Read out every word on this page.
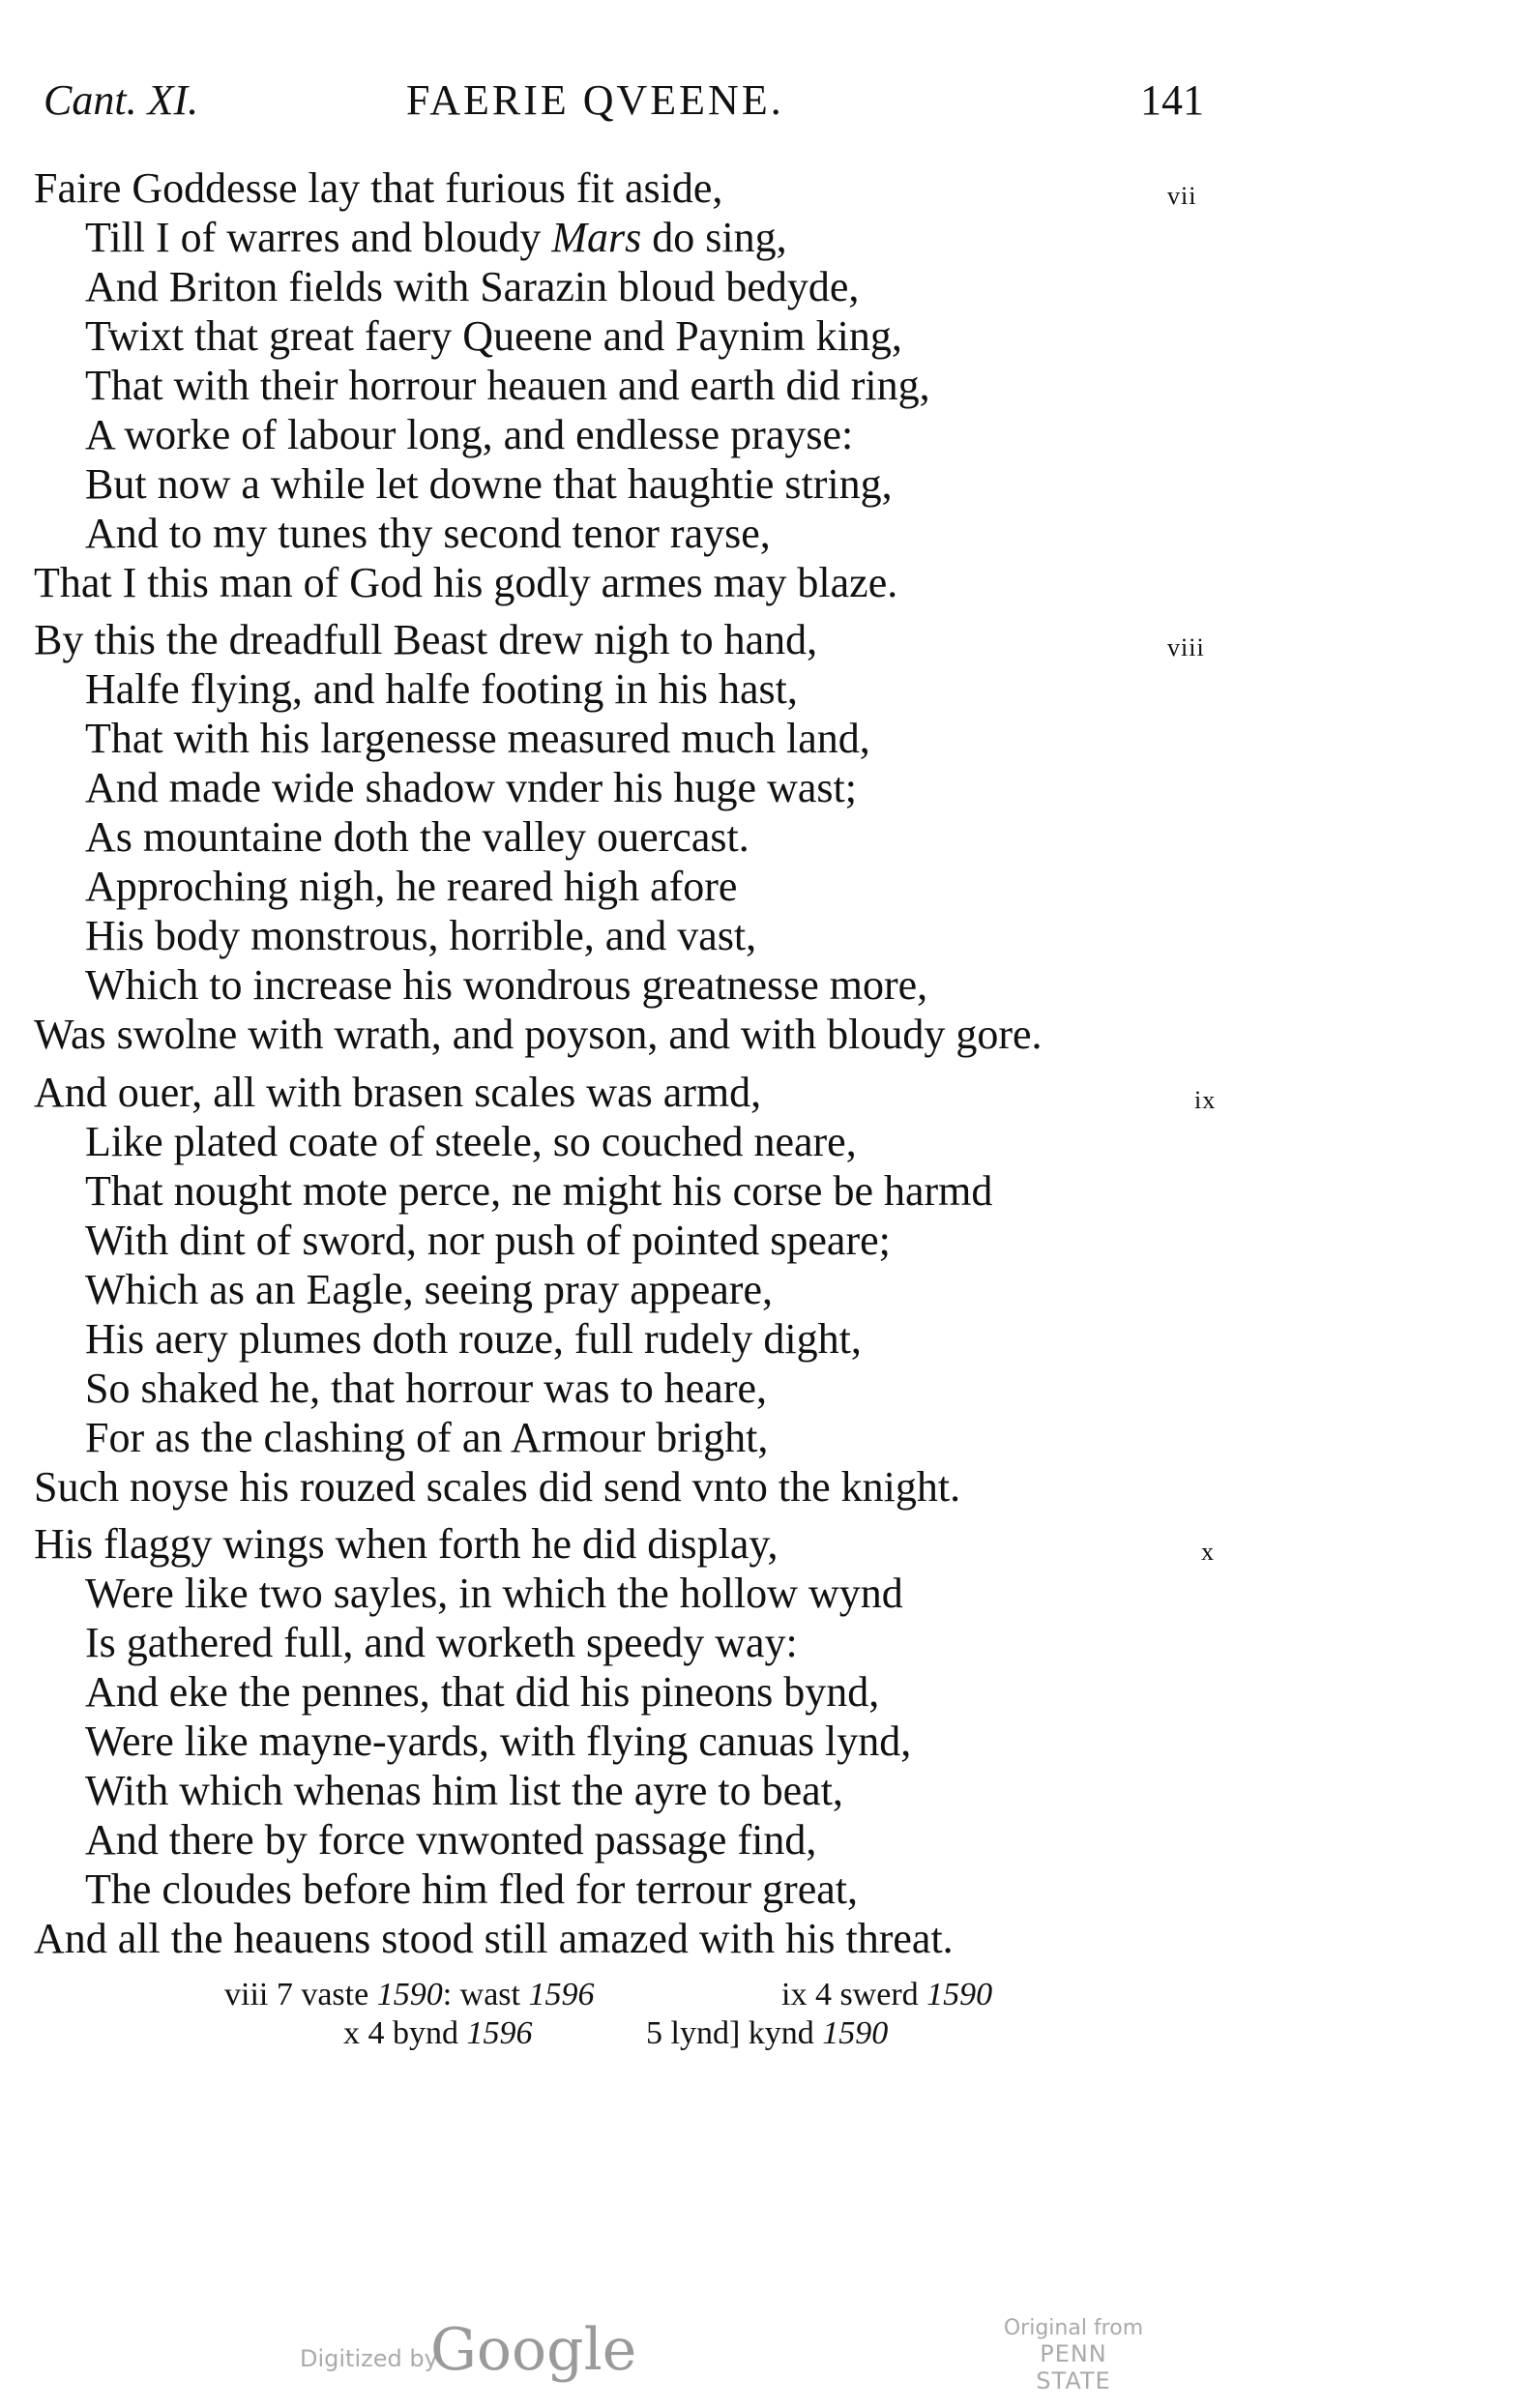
Cant. XI.	FAERIE QVEENE.	141
Faire Goddesse lay that furious fit aside,	vii
Till I of warres and bloudy Mars do sing,
And Briton fields with Sarazin bloud bedyde,
Twixt that great faery Queene and Paynim king,
That with their horrour heauen and earth did ring,
A worke of labour long, and endlesse prayse:
But now a while let downe that haughtie string,
And to my tunes thy second tenor rayse,
That I this man of God his godly armes may blaze.
By this the dreadfull Beast drew nigh to hand,	viii
Halfe flying, and halfe footing in his hast,
That with his largenesse measured much land,
And made wide shadow vnder his huge wast;
As mountaine doth the valley ouercast.
Approching nigh, he reared high afore
His body monstrous, horrible, and vast,
Which to increase his wondrous greatnesse more,
Was swolne with wrath, and poyson, and with bloudy gore.
And ouer, all with brasen scales was armd,	ix
Like plated coate of steele, so couched neare,
That nought mote perce, ne might his corse be harmd
With dint of sword, nor push of pointed speare;
Which as an Eagle, seeing pray appeare,
His aery plumes doth rouze, full rudely dight,
So shaked he, that horrour was to heare,
For as the clashing of an Armour bright,
Such noyse his rouzed scales did send vnto the knight.
His flaggy wings when forth he did display,	x
Were like two sayles, in which the hollow wynd
Is gathered full, and worketh speedy way:
And eke the pennes, that did his pineons bynd,
Were like mayne-yards, with flying canuas lynd,
With which whenas him list the ayre to beat,
And there by force vnwonted passage find,
The cloudes before him fled for terrour great,
And all the heauens stood still amazed with his threat.
viii 7 vaste 1590: wast 1596	ix 4 swerd 1590
x 4 bynd 1596	5 lynd] kynd 1590
Digitized by
Google	Original from
PENN STATE
